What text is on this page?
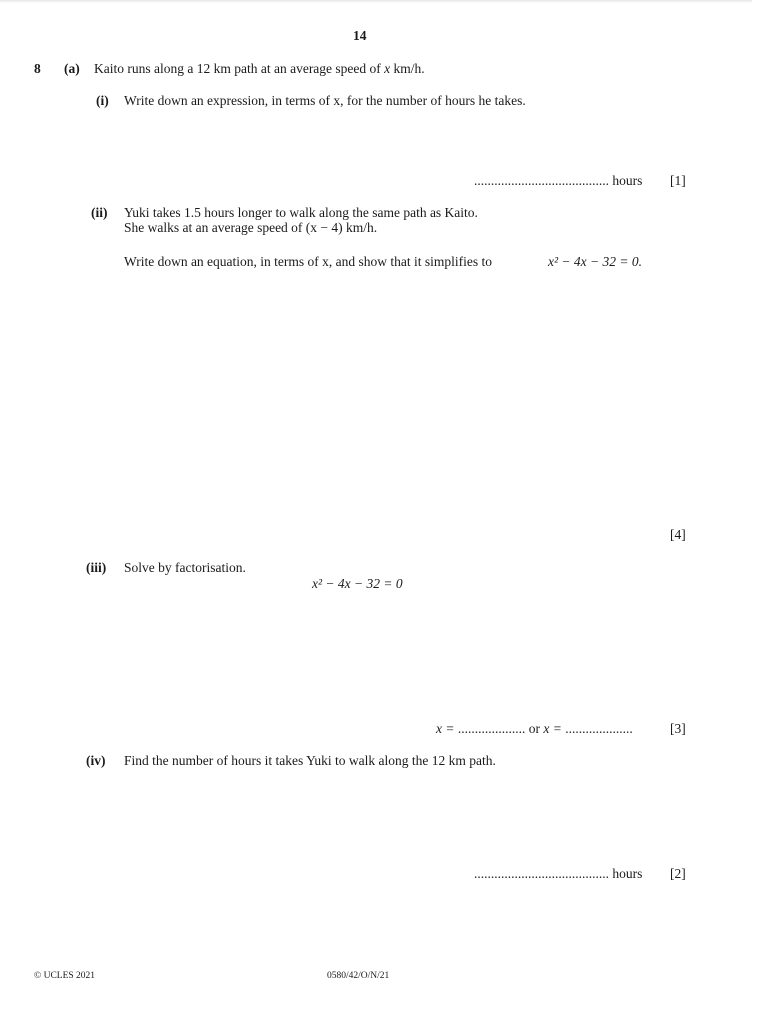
14
8 (a) Kaito runs along a 12 km path at an average speed of x km/h.
(i) Write down an expression, in terms of x, for the number of hours he takes.
........................................ hours [1]
(ii) Yuki takes 1.5 hours longer to walk along the same path as Kaito.
She walks at an average speed of (x − 4) km/h.
Write down an equation, in terms of x, and show that it simplifies to	x² − 4x − 32 = 0.
[4]
(iii) Solve by factorisation.
x² − 4x − 32 = 0
x = .................... or x = ....................	[3]
(iv) Find the number of hours it takes Yuki to walk along the 12 km path.
........................................ hours [2]
© UCLES 2021	0580/42/O/N/21
